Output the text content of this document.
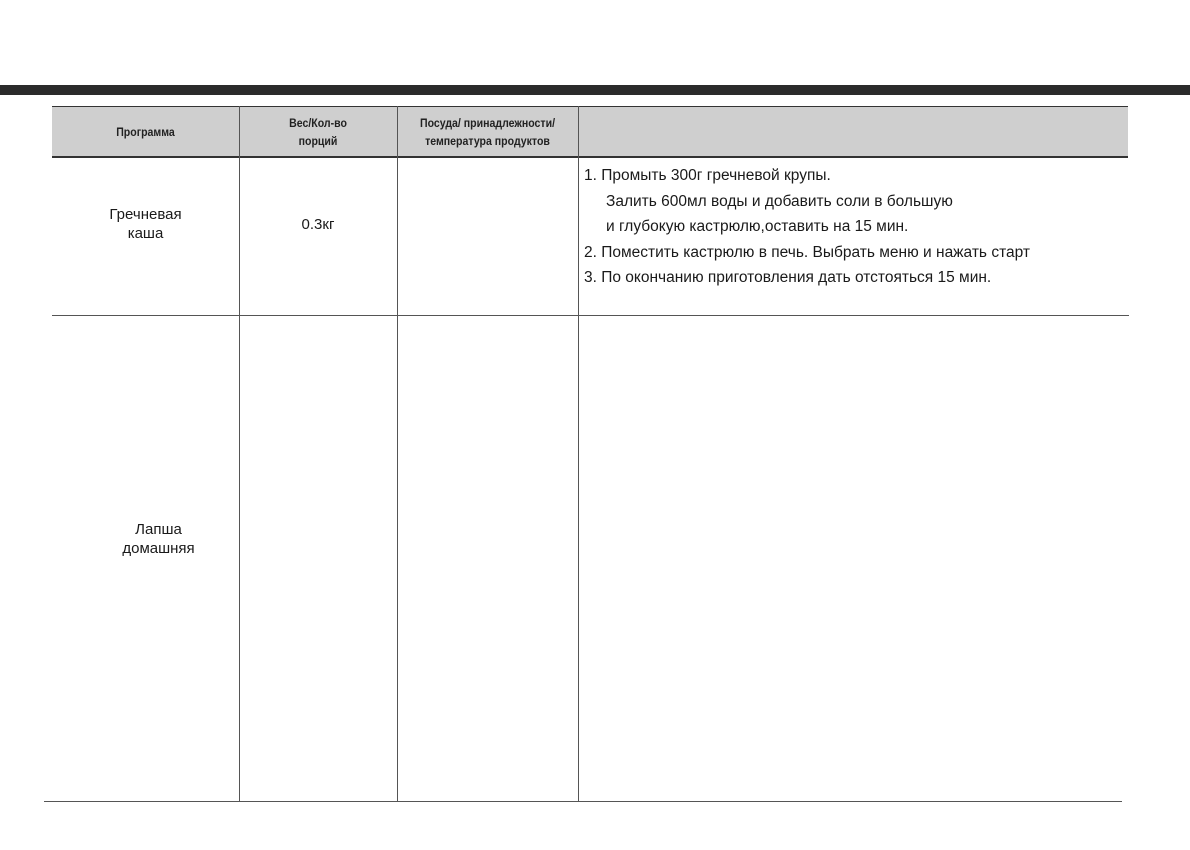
Программа
Вес/Кол-во
порций
Посуда/ принадлежности/
температура продуктов
Гречневая
каша
0.3кг
1. Промыть 300г гречневой крупы.
Залить 600мл воды и добавить соли в большую
и глубокую кастрюлю,оставить на 15 мин.
2. Поместить кастрюлю в печь. Выбрать меню и нажать старт
3. По окончанию приготовления дать отстояться 15 мин.
Лапша
домашняя
